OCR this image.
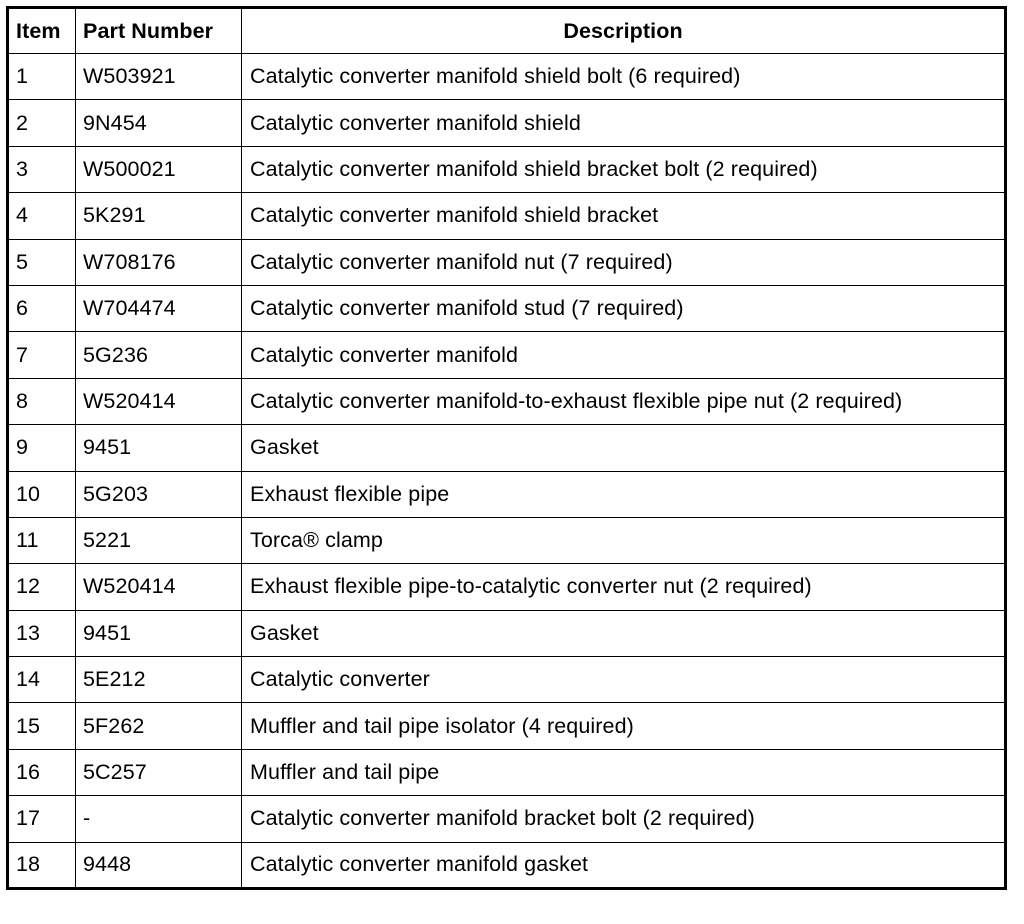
Item	Part Number	Description
1	W503921	Catalytic converter manifold shield bolt (6 required)
2	9N454	Catalytic converter manifold shield
3	W500021	Catalytic converter manifold shield bracket bolt (2 required)
4	5K291	Catalytic converter manifold shield bracket
5	W708176	Catalytic converter manifold nut (7 required)
6	W704474	Catalytic converter manifold stud (7 required)
7	5G236	Catalytic converter manifold
8	W520414	Catalytic converter manifold-to-exhaust flexible pipe nut (2 required)
9	9451	Gasket
10	5G203	Exhaust flexible pipe
11	5221	Torca® clamp
12	W520414	Exhaust flexible pipe-to-catalytic converter nut (2 required)
13	9451	Gasket
14	5E212	Catalytic converter
15	5F262	Muffler and tail pipe isolator (4 required)
16	5C257	Muffler and tail pipe
17	-	Catalytic converter manifold bracket bolt (2 required)
18	9448	Catalytic converter manifold gasket
